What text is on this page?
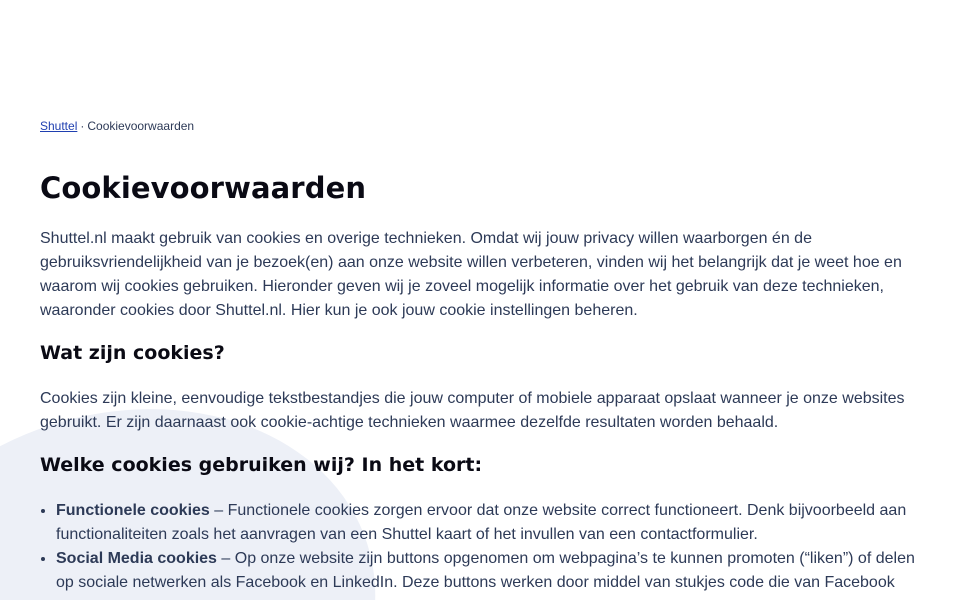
Shuttel · Cookievoorwaarden
Cookievoorwaarden

Shuttel.nl maakt gebruik van cookies en overige technieken. Omdat wij jouw privacy willen waarborgen én de gebruiksvriendelijkheid van je bezoek(en) aan onze website willen verbeteren, vinden wij het belangrijk dat je weet hoe en waarom wij cookies gebruiken. Hieronder geven wij je zoveel mogelijk informatie over het gebruik van deze technieken, waaronder cookies door Shuttel.nl. Hier kun je ook jouw cookie instellingen beheren.

Wat zijn cookies?

Cookies zijn kleine, eenvoudige tekstbestandjes die jouw computer of mobiele apparaat opslaat wanneer je onze websites gebruikt. Er zijn daarnaast ook cookie-achtige technieken waarmee dezelfde resultaten worden behaald.

Welke cookies gebruiken wij? In het kort:
• Functionele cookies – Functionele cookies zorgen ervoor dat onze website correct functioneert. Denk bijvoorbeeld aan functionaliteiten zoals het aanvragen van een Shuttel kaart of het invullen van een contactformulier.
• Social Media cookies – Op onze website zijn buttons opgenomen om webpagina’s te kunnen promoten (“liken”) of delen op sociale netwerken als Facebook en LinkedIn. Deze buttons werken door middel van stukjes code die van Facebook
